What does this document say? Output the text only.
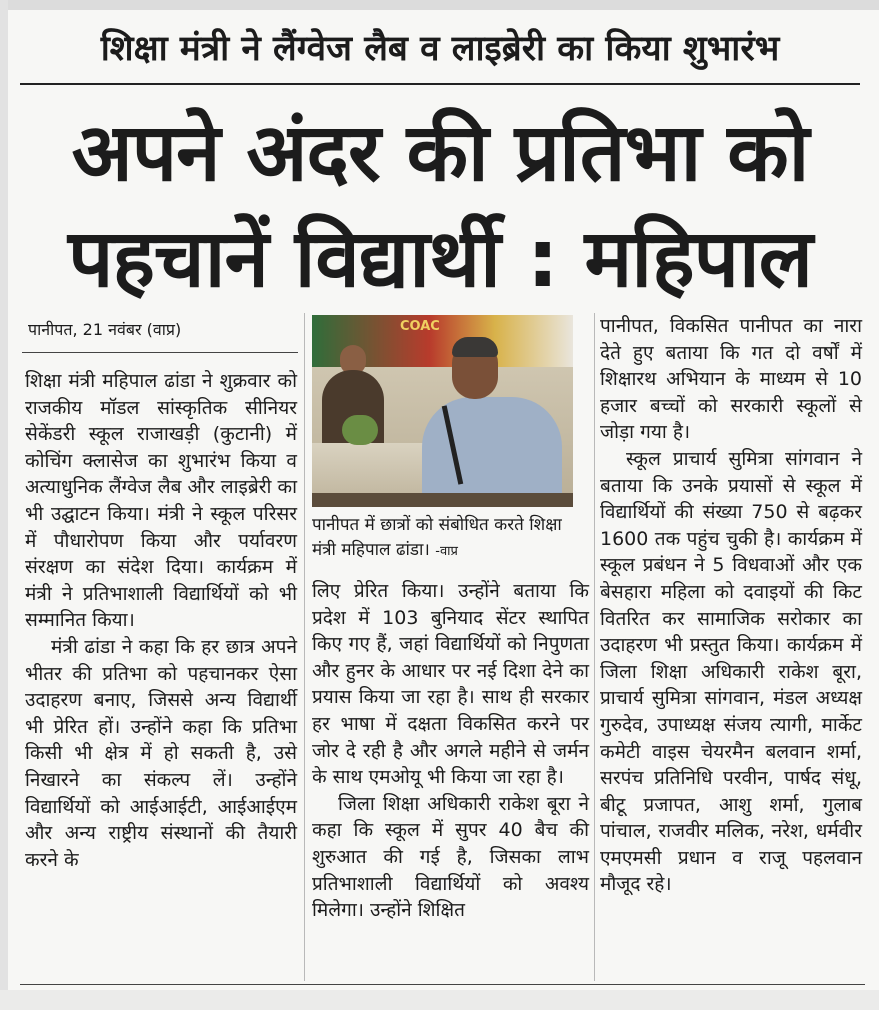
शिक्षा मंत्री ने लैंग्वेज लैब व लाइब्रेरी का किया शुभारंभ
अपने अंदर की प्रतिभा को
पहचानें विद्यार्थी : महिपाल
पानीपत, 21 नवंबर (वाप्र)

शिक्षा मंत्री महिपाल ढांडा ने शुक्रवार को राजकीय मॉडल सांस्कृतिक सीनियर सेकेंडरी स्कूल राजाखड़ी (कुटानी) में कोचिंग क्लासेज का शुभारंभ किया व अत्याधुनिक लैंग्वेज लैब और लाइब्रेरी का भी उद्घाटन किया। मंत्री ने स्कूल परिसर में पौधारोपण किया और पर्यावरण संरक्षण का संदेश दिया। कार्यक्रम में मंत्री ने प्रतिभाशाली विद्यार्थियों को भी सम्मानित किया।

मंत्री ढांडा ने कहा कि हर छात्र अपने भीतर की प्रतिभा को पहचानकर ऐसा उदाहरण बनाए, जिससे अन्य विद्यार्थी भी प्रेरित हों। उन्होंने कहा कि प्रतिभा किसी भी क्षेत्र में हो सकती है, उसे निखारने का संकल्प लें। उन्होंने विद्यार्थियों को आईआईटी, आईआईएम और अन्य राष्ट्रीय संस्थानों की तैयारी करने के

COAC
पानीपत में छात्रों को संबोधित करते शिक्षा मंत्री महिपाल ढांडा। -वाप्र

लिए प्रेरित किया। उन्होंने बताया कि प्रदेश में 103 बुनियाद सेंटर स्थापित किए गए हैं, जहां विद्यार्थियों को निपुणता और हुनर के आधार पर नई दिशा देने का प्रयास किया जा रहा है। साथ ही सरकार हर भाषा में दक्षता विकसित करने पर जोर दे रही है और अगले महीने से जर्मन के साथ एमओयू भी किया जा रहा है।

जिला शिक्षा अधिकारी राकेश बूरा ने कहा कि स्कूल में सुपर 40 बैच की शुरुआत की गई है, जिसका लाभ प्रतिभाशाली विद्यार्थियों को अवश्य मिलेगा। उन्होंने शिक्षित

पानीपत, विकसित पानीपत का नारा देते हुए बताया कि गत दो वर्षों में शिक्षारथ अभियान के माध्यम से 10 हजार बच्चों को सरकारी स्कूलों से जोड़ा गया है।

स्कूल प्राचार्य सुमित्रा सांगवान ने बताया कि उनके प्रयासों से स्कूल में विद्यार्थियों की संख्या 750 से बढ़कर 1600 तक पहुंच चुकी है। कार्यक्रम में स्कूल प्रबंधन ने 5 विधवाओं और एक बेसहारा महिला को दवाइयों की किट वितरित कर सामाजिक सरोकार का उदाहरण भी प्रस्तुत किया। कार्यक्रम में जिला शिक्षा अधिकारी राकेश बूरा, प्राचार्य सुमित्रा सांगवान, मंडल अध्यक्ष गुरुदेव, उपाध्यक्ष संजय त्यागी, मार्केट कमेटी वाइस चेयरमैन बलवान शर्मा, सरपंच प्रतिनिधि परवीन, पार्षद संधू, बीटू प्रजापत, आशु शर्मा, गुलाब पांचाल, राजवीर मलिक, नरेश, धर्मवीर एमएमसी प्रधान व राजू पहलवान मौजूद रहे।
